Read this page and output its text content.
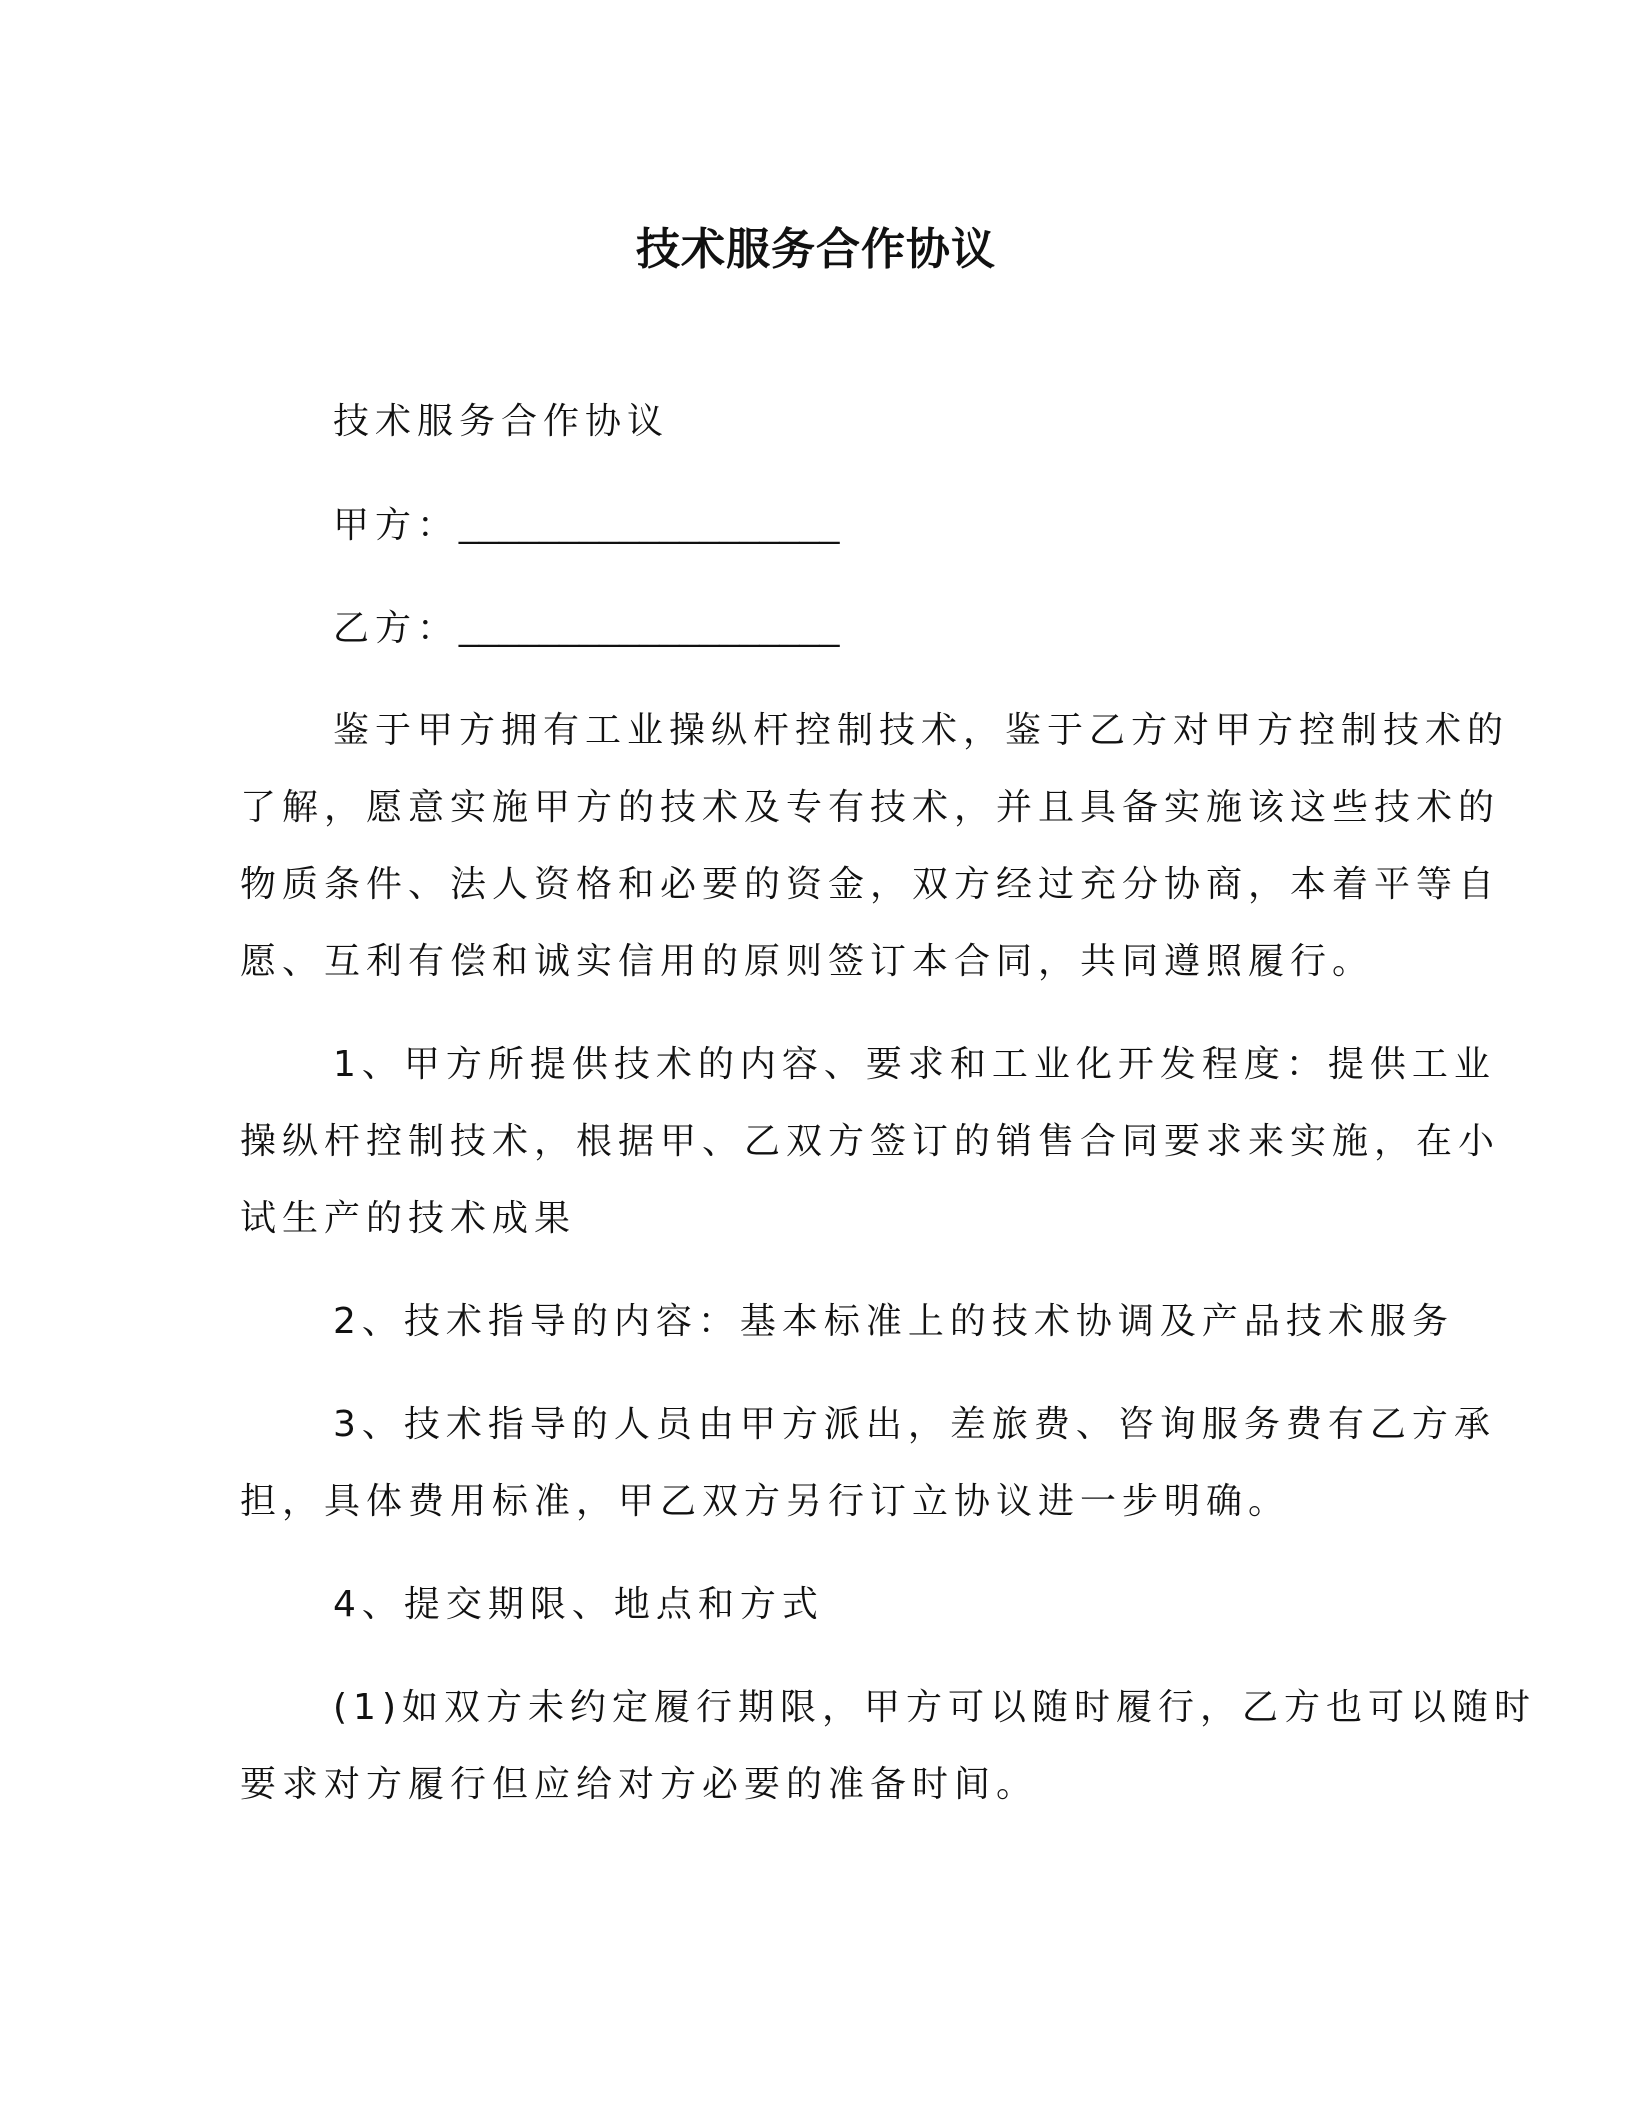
技术服务合作协议
技术服务合作协议
甲方：___________________
乙方：___________________
鉴于甲方拥有工业操纵杆控制技术，鉴于乙方对甲方控制技术的
了解，愿意实施甲方的技术及专有技术，并且具备实施该这些技术的
物质条件、法人资格和必要的资金，双方经过充分协商，本着平等自
愿、互利有偿和诚实信用的原则签订本合同，共同遵照履行。
1、甲方所提供技术的内容、要求和工业化开发程度：提供工业
操纵杆控制技术，根据甲、乙双方签订的销售合同要求来实施，在小
试生产的技术成果
2、技术指导的内容：基本标准上的技术协调及产品技术服务
3、技术指导的人员由甲方派出，差旅费、咨询服务费有乙方承
担，具体费用标准，甲乙双方另行订立协议进一步明确。
4、提交期限、地点和方式
(1)如双方未约定履行期限，甲方可以随时履行，乙方也可以随时
要求对方履行但应给对方必要的准备时间。
